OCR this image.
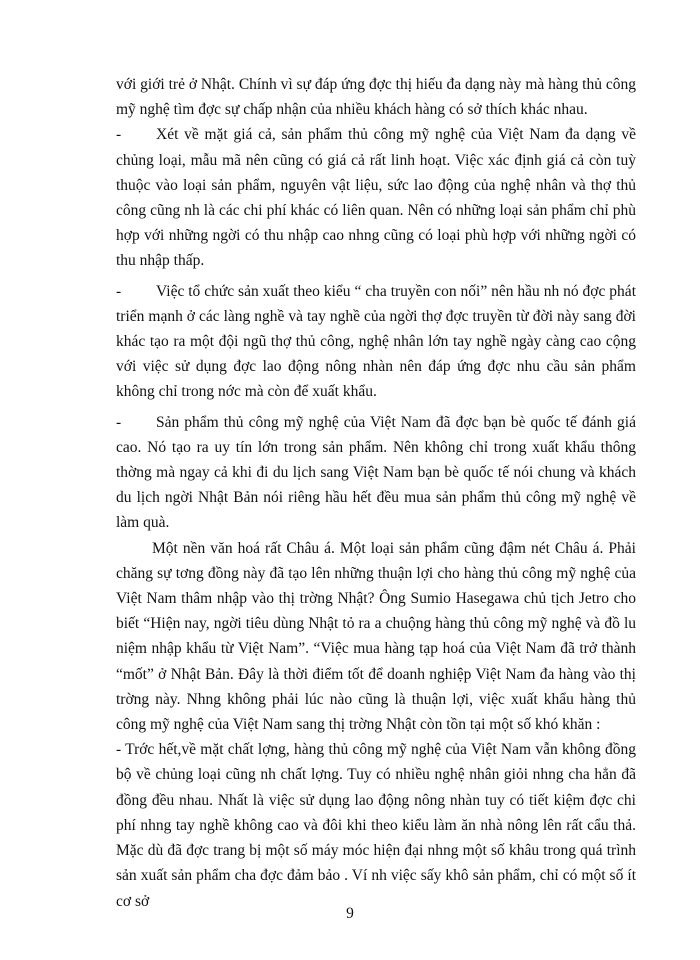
với giới trẻ ở Nhật. Chính vì sự đáp ứng đợc thị hiếu đa dạng này mà hàng thủ công mỹ nghệ tìm đợc sự chấp nhận của nhiều khách hàng có sở thích khác nhau.

- Xét về mặt giá cả, sản phẩm thủ công mỹ nghệ của Việt Nam đa dạng về chủng loại, mẫu mã nên cũng có giá cả rất linh hoạt. Việc xác định giá cả còn tuỳ thuộc vào loại sản phẩm, nguyên vật liệu, sức lao động của nghệ nhân và thợ thủ công cũng nh là các chi phí khác có liên quan. Nên có những loại sản phẩm chỉ phù hợp với những ngời có thu nhập cao nhng cũng có loại phù hợp với những ngời có thu nhập thấp.

- Việc tổ chức sản xuất theo kiểu “ cha truyền con nối” nên hầu nh nó đợc phát triển mạnh ở các làng nghề và tay nghề của ngời thợ đợc truyền từ đời này sang đời khác tạo ra một đội ngũ thợ thủ công, nghệ nhân lớn tay nghề ngày càng cao cộng với việc sử dụng đợc lao động nông nhàn nên đáp ứng đợc nhu cầu sản phẩm không chỉ trong nớc mà còn để xuất khẩu.

- Sản phẩm thủ công mỹ nghệ của Việt Nam đã đợc bạn bè quốc tế đánh giá cao. Nó tạo ra uy tín lớn trong sản phẩm. Nên không chỉ trong xuất khẩu thông thờng mà ngay cả khi đi du lịch sang Việt Nam bạn bè quốc tế nói chung và khách du lịch ngời Nhật Bản nói riêng hầu hết đều mua sản phẩm thủ công mỹ nghệ về làm quà.

Một nền văn hoá rất Châu á. Một loại sản phẩm cũng đậm nét Châu á. Phải chăng sự tơng đồng này đã tạo lên những thuận lợi cho hàng thủ công mỹ nghệ của Việt Nam thâm nhập vào thị trờng Nhật? Ông Sumio Hasegawa chủ tịch Jetro cho biết “Hiện nay, ngời tiêu dùng Nhật tỏ ra a chuộng hàng thủ công mỹ nghệ và đồ lu niệm nhập khẩu từ Việt Nam”. “Việc mua hàng tạp hoá của Việt Nam đã trở thành “mốt” ở Nhật Bản. Đây là thời điểm tốt để doanh nghiệp Việt Nam đa hàng vào thị trờng này. Nhng không phải lúc nào cũng là thuận lợi, việc xuất khẩu hàng thủ công mỹ nghệ của Việt Nam sang thị trờng Nhật còn tồn tại một số khó khăn :

- Trớc hết,về mặt chất lợng, hàng thủ công mỹ nghệ của Việt Nam vẫn không đồng bộ về chủng loại cũng nh chất lợng. Tuy có nhiều nghệ nhân giỏi nhng cha hẳn đã đồng đều nhau. Nhất là việc sử dụng lao động nông nhàn tuy có tiết kiệm đợc chi phí nhng tay nghề không cao và đôi khi theo kiểu làm ăn nhà nông lên rất cẩu thả. Mặc dù đã đợc trang bị một số máy móc hiện đại nhng một số khâu trong quá trình sản xuất sản phẩm cha đợc đảm bảo . Ví nh việc sấy khô sản phẩm, chỉ có một số ít cơ sở

9
